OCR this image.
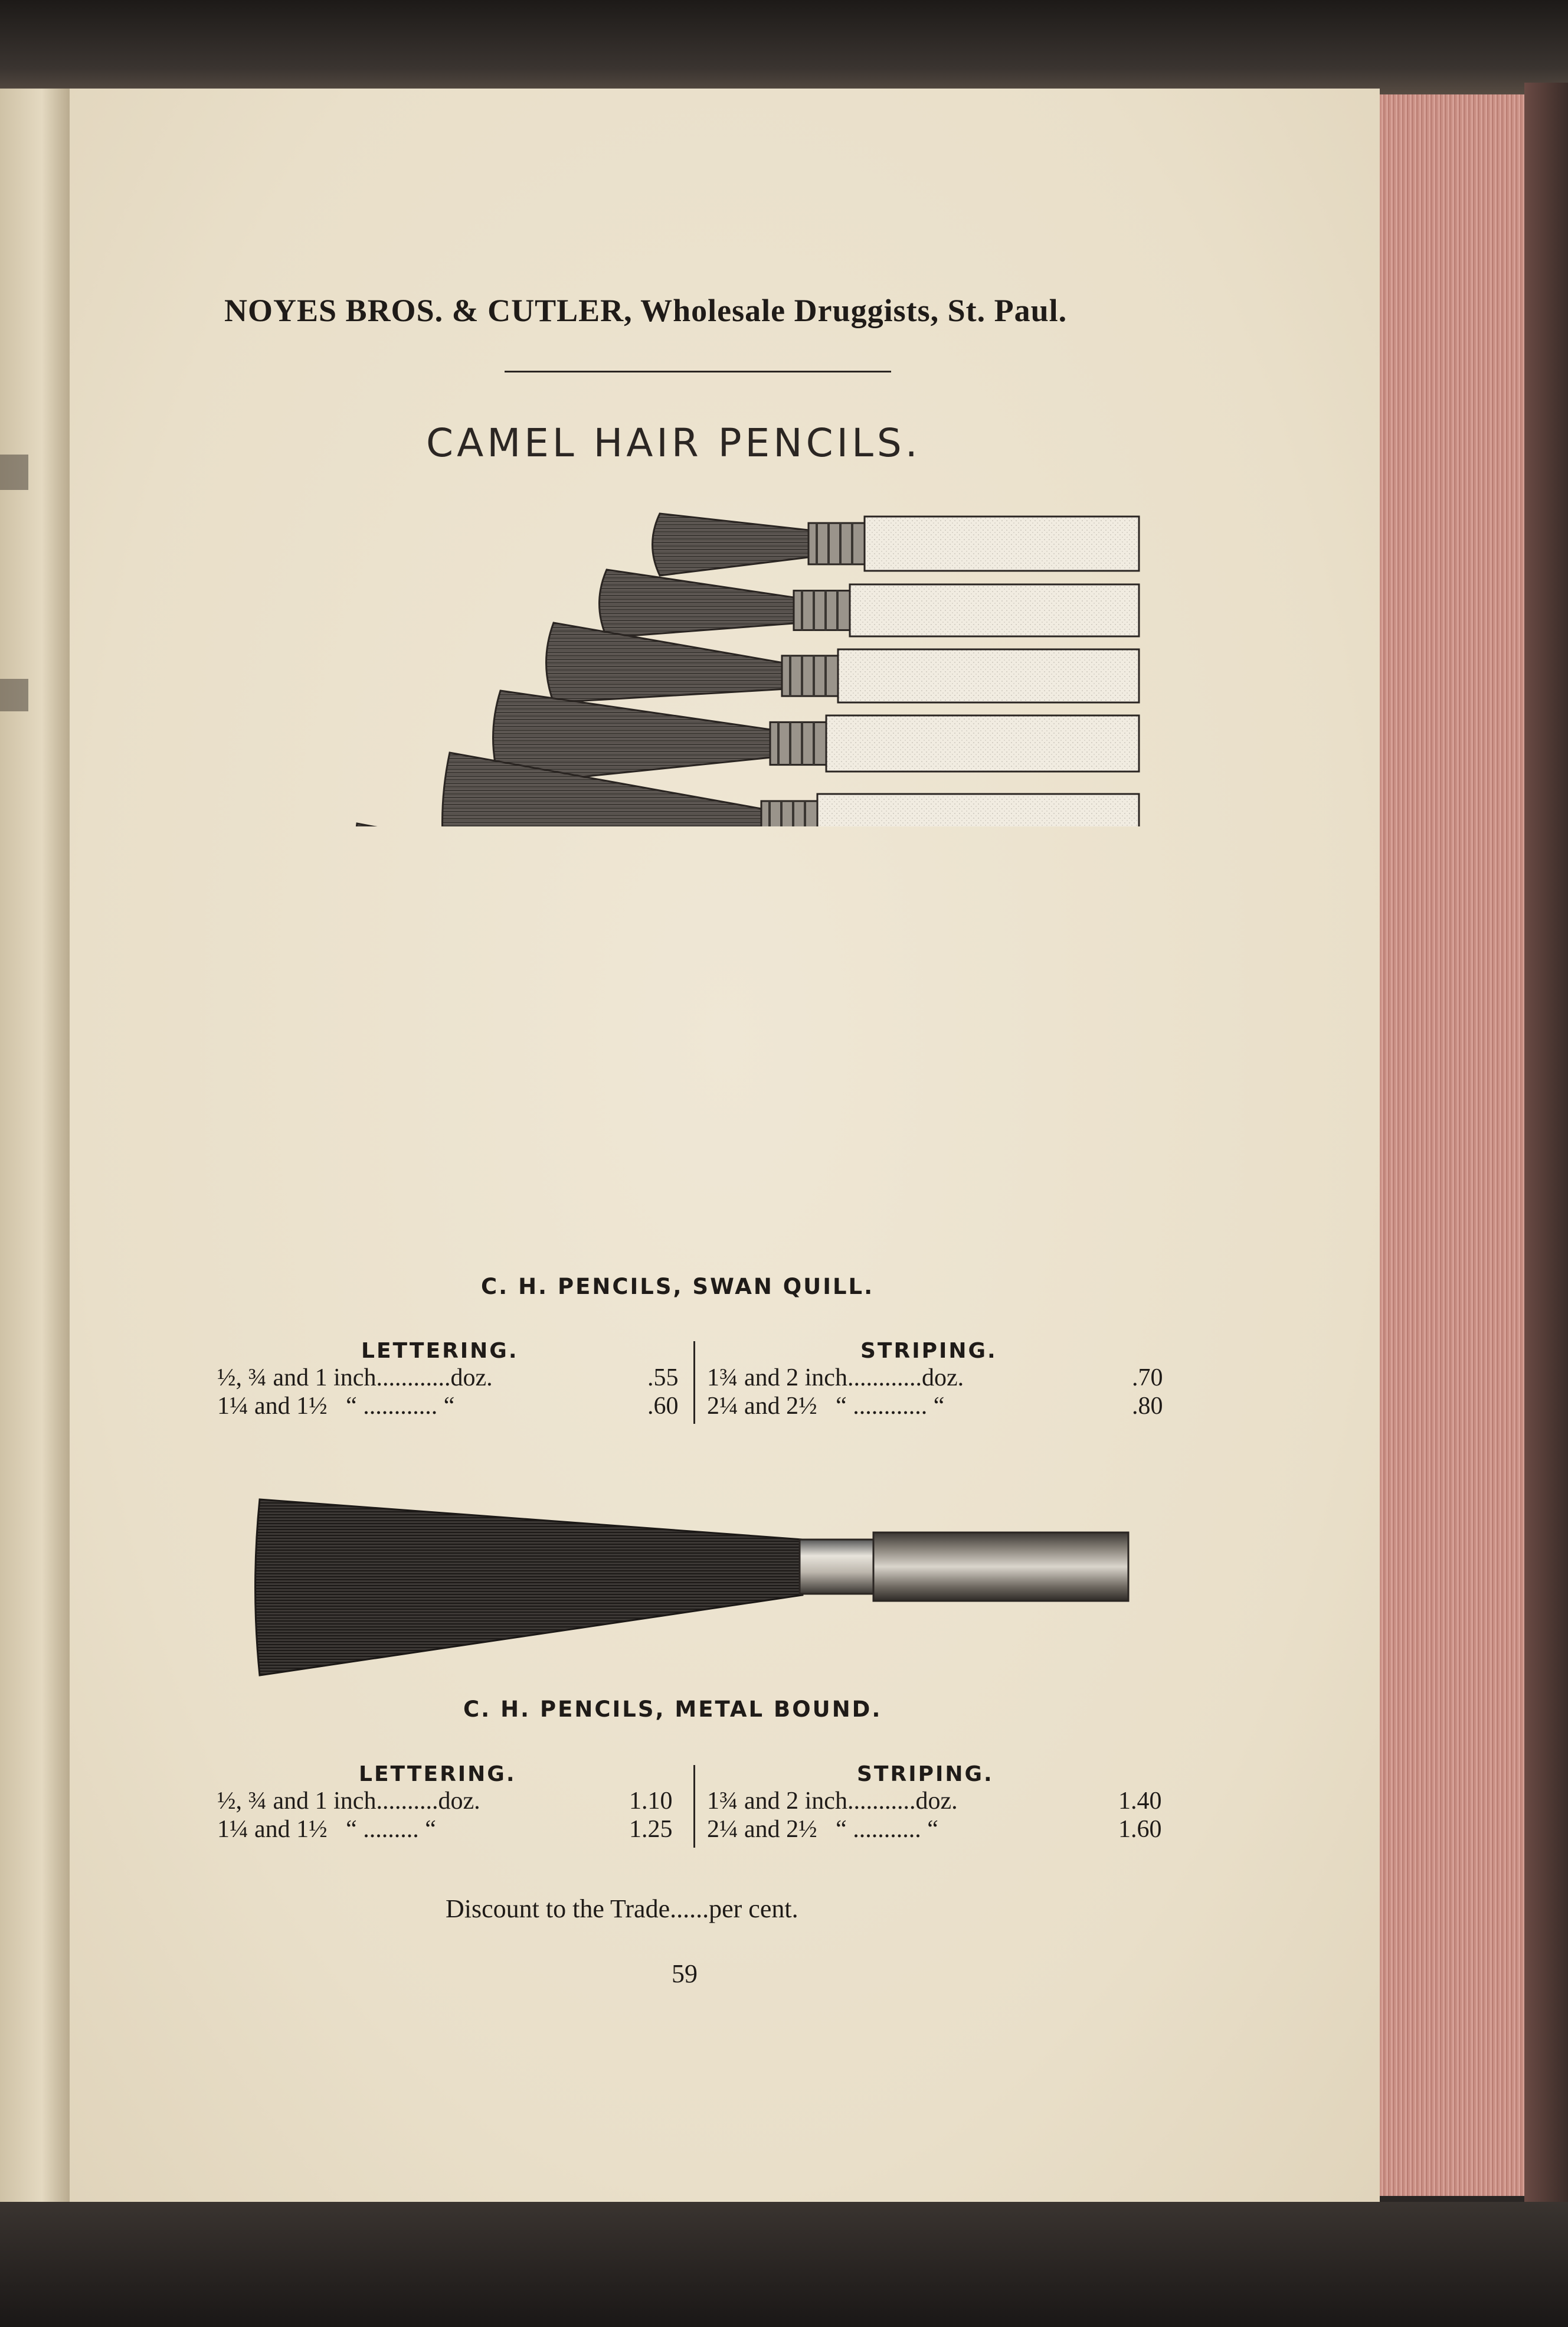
NOYES BROS. & CUTLER, Wholesale Druggists, St. Paul.
CAMEL HAIR PENCILS.
C. H. PENCILS, SWAN QUILL.
LETTERING.
½, ¾ and 1 inch............doz.	.55
1¼ and 1½ “ ............ “	.60
STRIPING.
1¾ and 2 inch............doz.	.70
2¼ and 2½ “ ............ “	.80
C. H. PENCILS, METAL BOUND.
LETTERING.
½, ¾ and 1 inch..........doz.	1.10
1¼ and 1½ “ ......... “	1.25
STRIPING.
1¾ and 2 inch...........doz.	1.40
2¼ and 2½ “ ........... “	1.60
Discount to the Trade......per cent.
59
